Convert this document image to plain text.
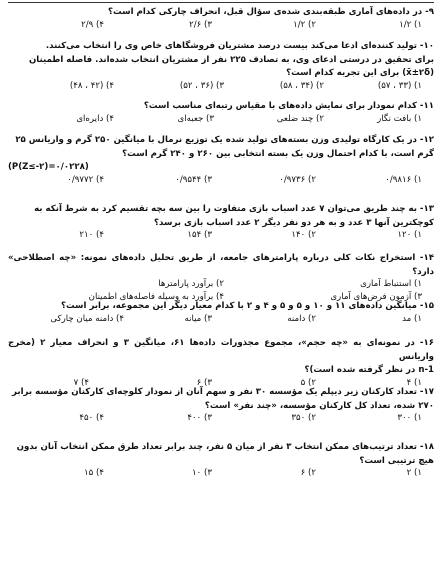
۹- در داده‌های آماری طبقه‌بندی شده‌ی سؤال قبل، انحراف چارکی کدام است؟
۱) ۱/۲
۲) ۱/۲
۳) ۲/۶
۴) ۲/۹
۱۰- تولید کننده‌ای ادعا می‌کند بیست درصد مشتریان فروشگاهای خاص وی را انتخاب می‌کنند.
برای تحقیق در درستی ادعای وی، به تصادف ۲۲۵ نفر از مشتریان انتخاب شده‌اند. فاصله اطمینان
(x̄±۲δ) برای این تجربه کدام است؟
۱) (۳۳ ، ۵۷)
۲) (۳۴ ، ۵۸)
۳) (۳۶ ، ۵۲)
۴) (۴۲ ، ۴۸)
۱۱- کدام نمودار برای نمایش داده‌های با مقیاس رتبه‌ای مناسب است؟
۱) بافت نگار
۲) چند ضلعی
۳) جعبه‌ای
۴) دایره‌ای
۱۲- در یک کارگاه تولیدی وزن بسته‌های تولید شده یک توزیع نرمال با میانگین ۲۵۰ گرم و واریانس ۲۵
گرم است، با کدام احتمال وزن یک بسته انتخابی بین ۲۶۰ و ۲۴۰ گرم است؟
(P(Z≤-۲)=۰/۰۲۲۸)
۱) ۰/۹۸۱۶
۲) ۰/۹۷۳۶
۳) ۰/۹۵۴۴
۴) ۰/۹۷۷۲
۱۳- به چند طریق می‌توان ۷ عدد اسباب بازی متفاوت را بین سه بچه تقسیم کرد به شرط آنکه به
کوچکترین آنها ۳ عدد و به هر دو نفر دیگر ۲ عدد اسباب بازی برسد؟
۱) ۱۲۰
۲) ۱۴۰
۳) ۱۵۴
۴) ۲۱۰
۱۴- استخراج نکات کلی درباره پارامترهای جامعه، از طریق تحلیل داده‌های نمونه: «چه اصطلاحی» دارد؟
۱) استنباط آماری
۲) برآورد پارامترها
۳) آزمون فرض‌های آماری
۴) برآورد به وسیله فاصله‌های اطمینان
۱۵- میانگین داده‌های ۱۱ و ۱۰ و ۵ و ۵ و ۴ و ۲ با کدام معیار دیگر این مجموعه، برابر است؟
۱) مد
۲) دامنه
۳) میانه
۴) دامنه میان چارکی
۱۶- در نمونه‌ای به «چه حجم»، مجموع مجذورات داده‌ها ۶۱، میانگین ۳ و انحراف معیار ۲ (مخرج واریانس
n-1 در نظر گرفته شده است)؟
۱) ۴
۲) ۵
۳) ۶
۴) ۷
۱۷- تعداد کارکنان زیر دیپلم یک مؤسسه ۳۰ نفر و سهم آنان از نمودار کلوچه‌ای کارکنان مؤسسه برابر
۲۷۰ شده، تعداد کل کارکنان مؤسسه، «چند نفر» است؟
۱) ۳۰۰
۲) ۳۵۰
۳) ۴۰۰
۴) ۴۵۰
۱۸- تعداد ترتیب‌های ممکن انتخاب ۳ نفر از میان ۵ نفر، چند برابر تعداد طرق ممکن انتخاب آنان بدون
هیچ ترتیبی است؟
۱) ۲
۲) ۶
۳) ۱۰
۴) ۱۵
